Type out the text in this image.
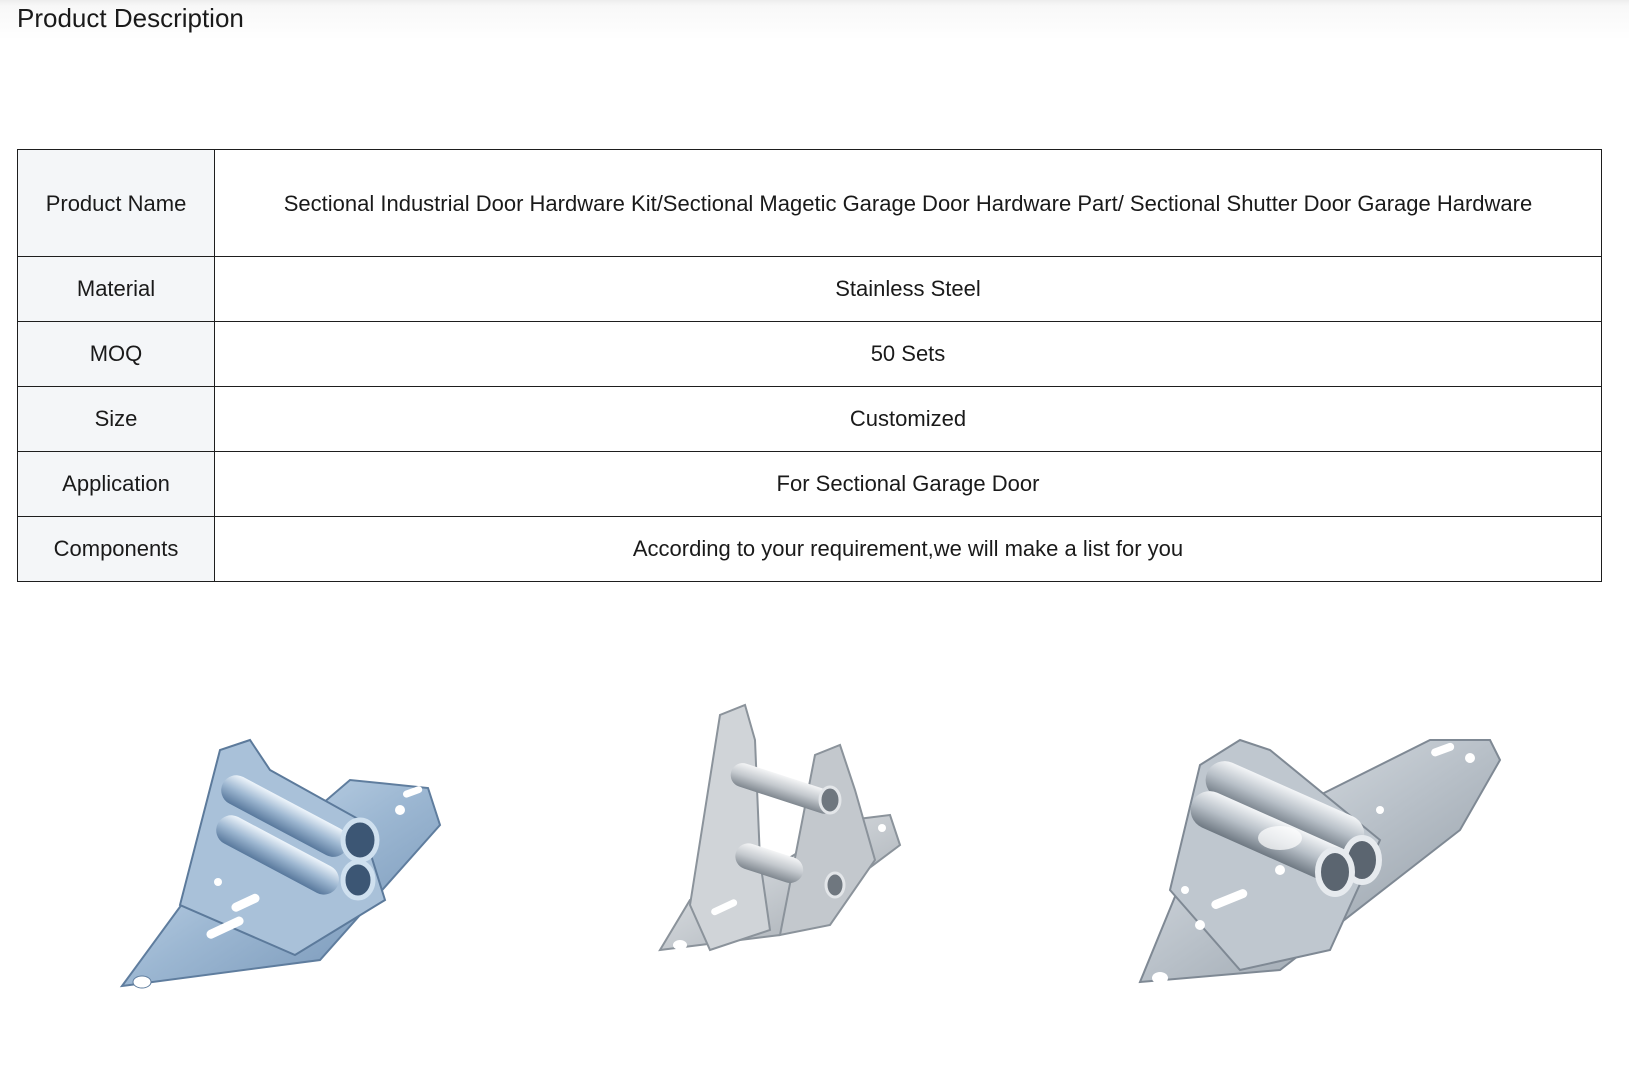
Product Description
Product Name	Sectional Industrial Door Hardware Kit/Sectional Magetic Garage Door Hardware Part/ Sectional Shutter Door Garage Hardware
Material	Stainless Steel
MOQ	50 Sets
Size	Customized
Application	For Sectional Garage Door
Components	According to your requirement,we will make a list for you
